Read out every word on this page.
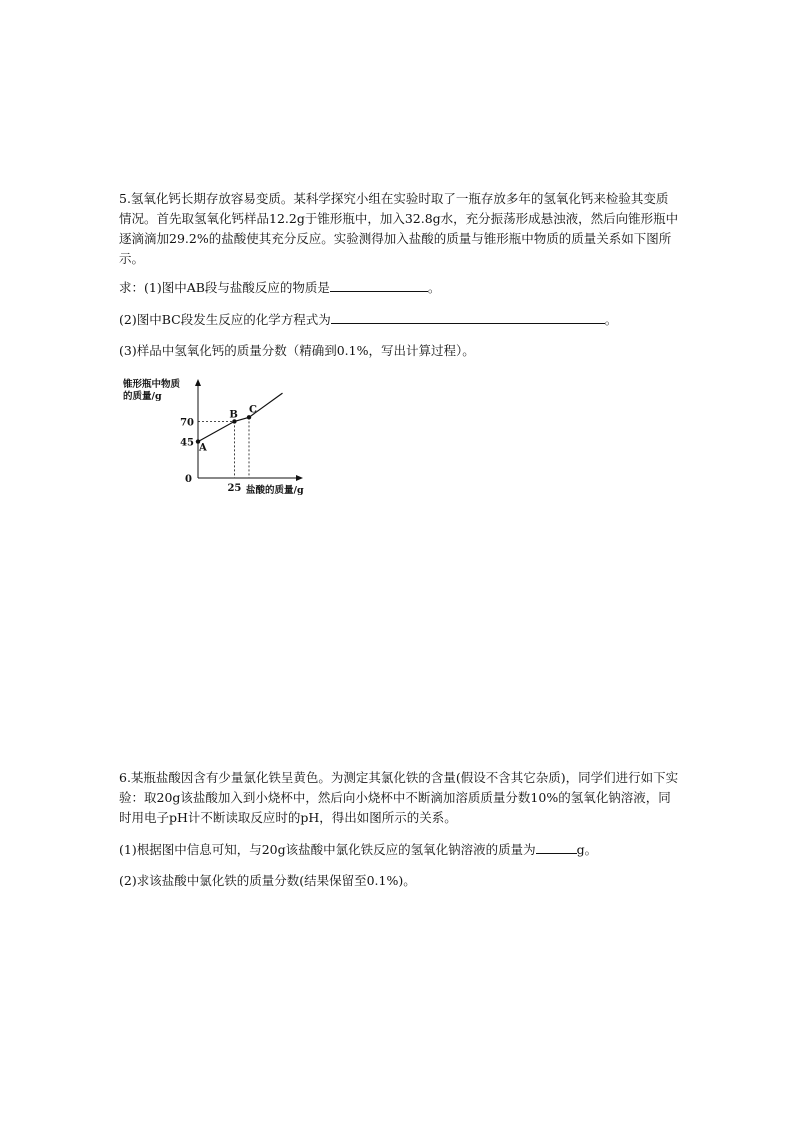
5.氢氧化钙长期存放容易变质。某科学探究小组在实验时取了一瓶存放多年的氢氧化钙来检验其变质情况。首先取氢氧化钙样品12.2g于锥形瓶中，加入32.8g水，充分振荡形成悬浊液，然后向锥形瓶中逐滴滴加29.2%的盐酸使其充分反应。实验测得加入盐酸的质量与锥形瓶中物质的质量关系如下图所示。
求：(1)图中AB段与盐酸反应的物质是	。
(2)图中BC段发生反应的化学方程式为	。
(3)样品中氢氧化钙的质量分数（精确到0.1%，写出计算过程）。
锥形瓶中物质
的质量/g
盐酸的质量/g
0
A
B C
45
70
25
6.某瓶盐酸因含有少量氯化铁呈黄色。为测定其氯化铁的含量(假设不含其它杂质)，同学们进行如下实验：取20g该盐酸加入到小烧杯中，然后向小烧杯中不断滴加溶质质量分数10%的氢氧化钠溶液，同时用电子pH计不断读取反应时的pH，得出如图所示的关系。
(1)根据图中信息可知，与20g该盐酸中氯化铁反应的氢氧化钠溶液的质量为	g。
(2)求该盐酸中氯化铁的质量分数(结果保留至0.1%)。
